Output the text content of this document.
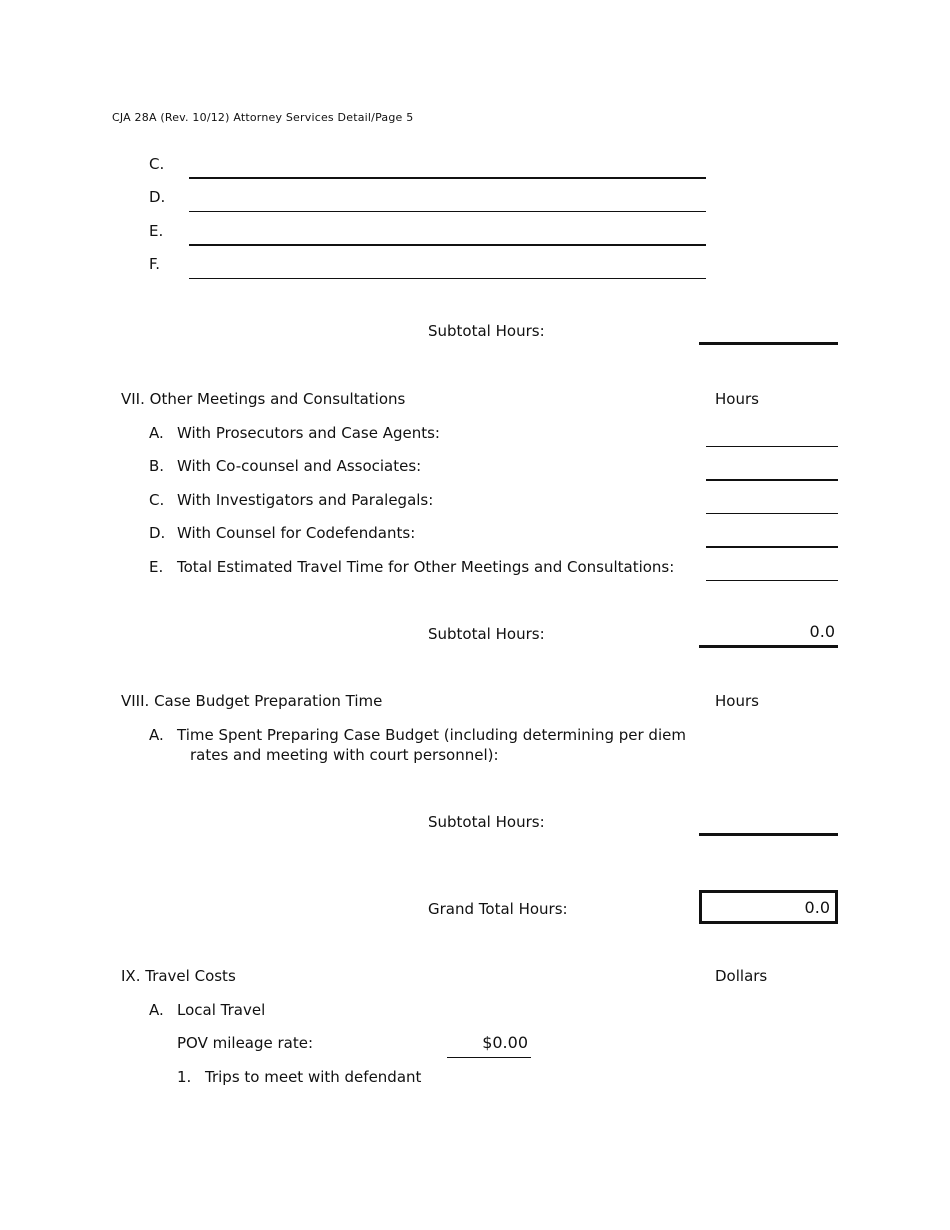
CJA 28A (Rev. 10/12) Attorney Services Detail/Page 5
C.
D.
E.
F.
Subtotal Hours:
VII. Other Meetings and Consultations	Hours
A. With Prosecutors and Case Agents:
B. With Co-counsel and Associates:
C. With Investigators and Paralegals:
D. With Counsel for Codefendants:
E. Total Estimated Travel Time for Other Meetings and Consultations:
Subtotal Hours:	0.0
VIII. Case Budget Preparation Time	Hours
A. Time Spent Preparing Case Budget (including determining per diem
rates and meeting with court personnel):
Subtotal Hours:
Grand Total Hours:	0.0
IX. Travel Costs	Dollars
A. Local Travel
POV mileage rate:	$0.00
1. Trips to meet with defendant
